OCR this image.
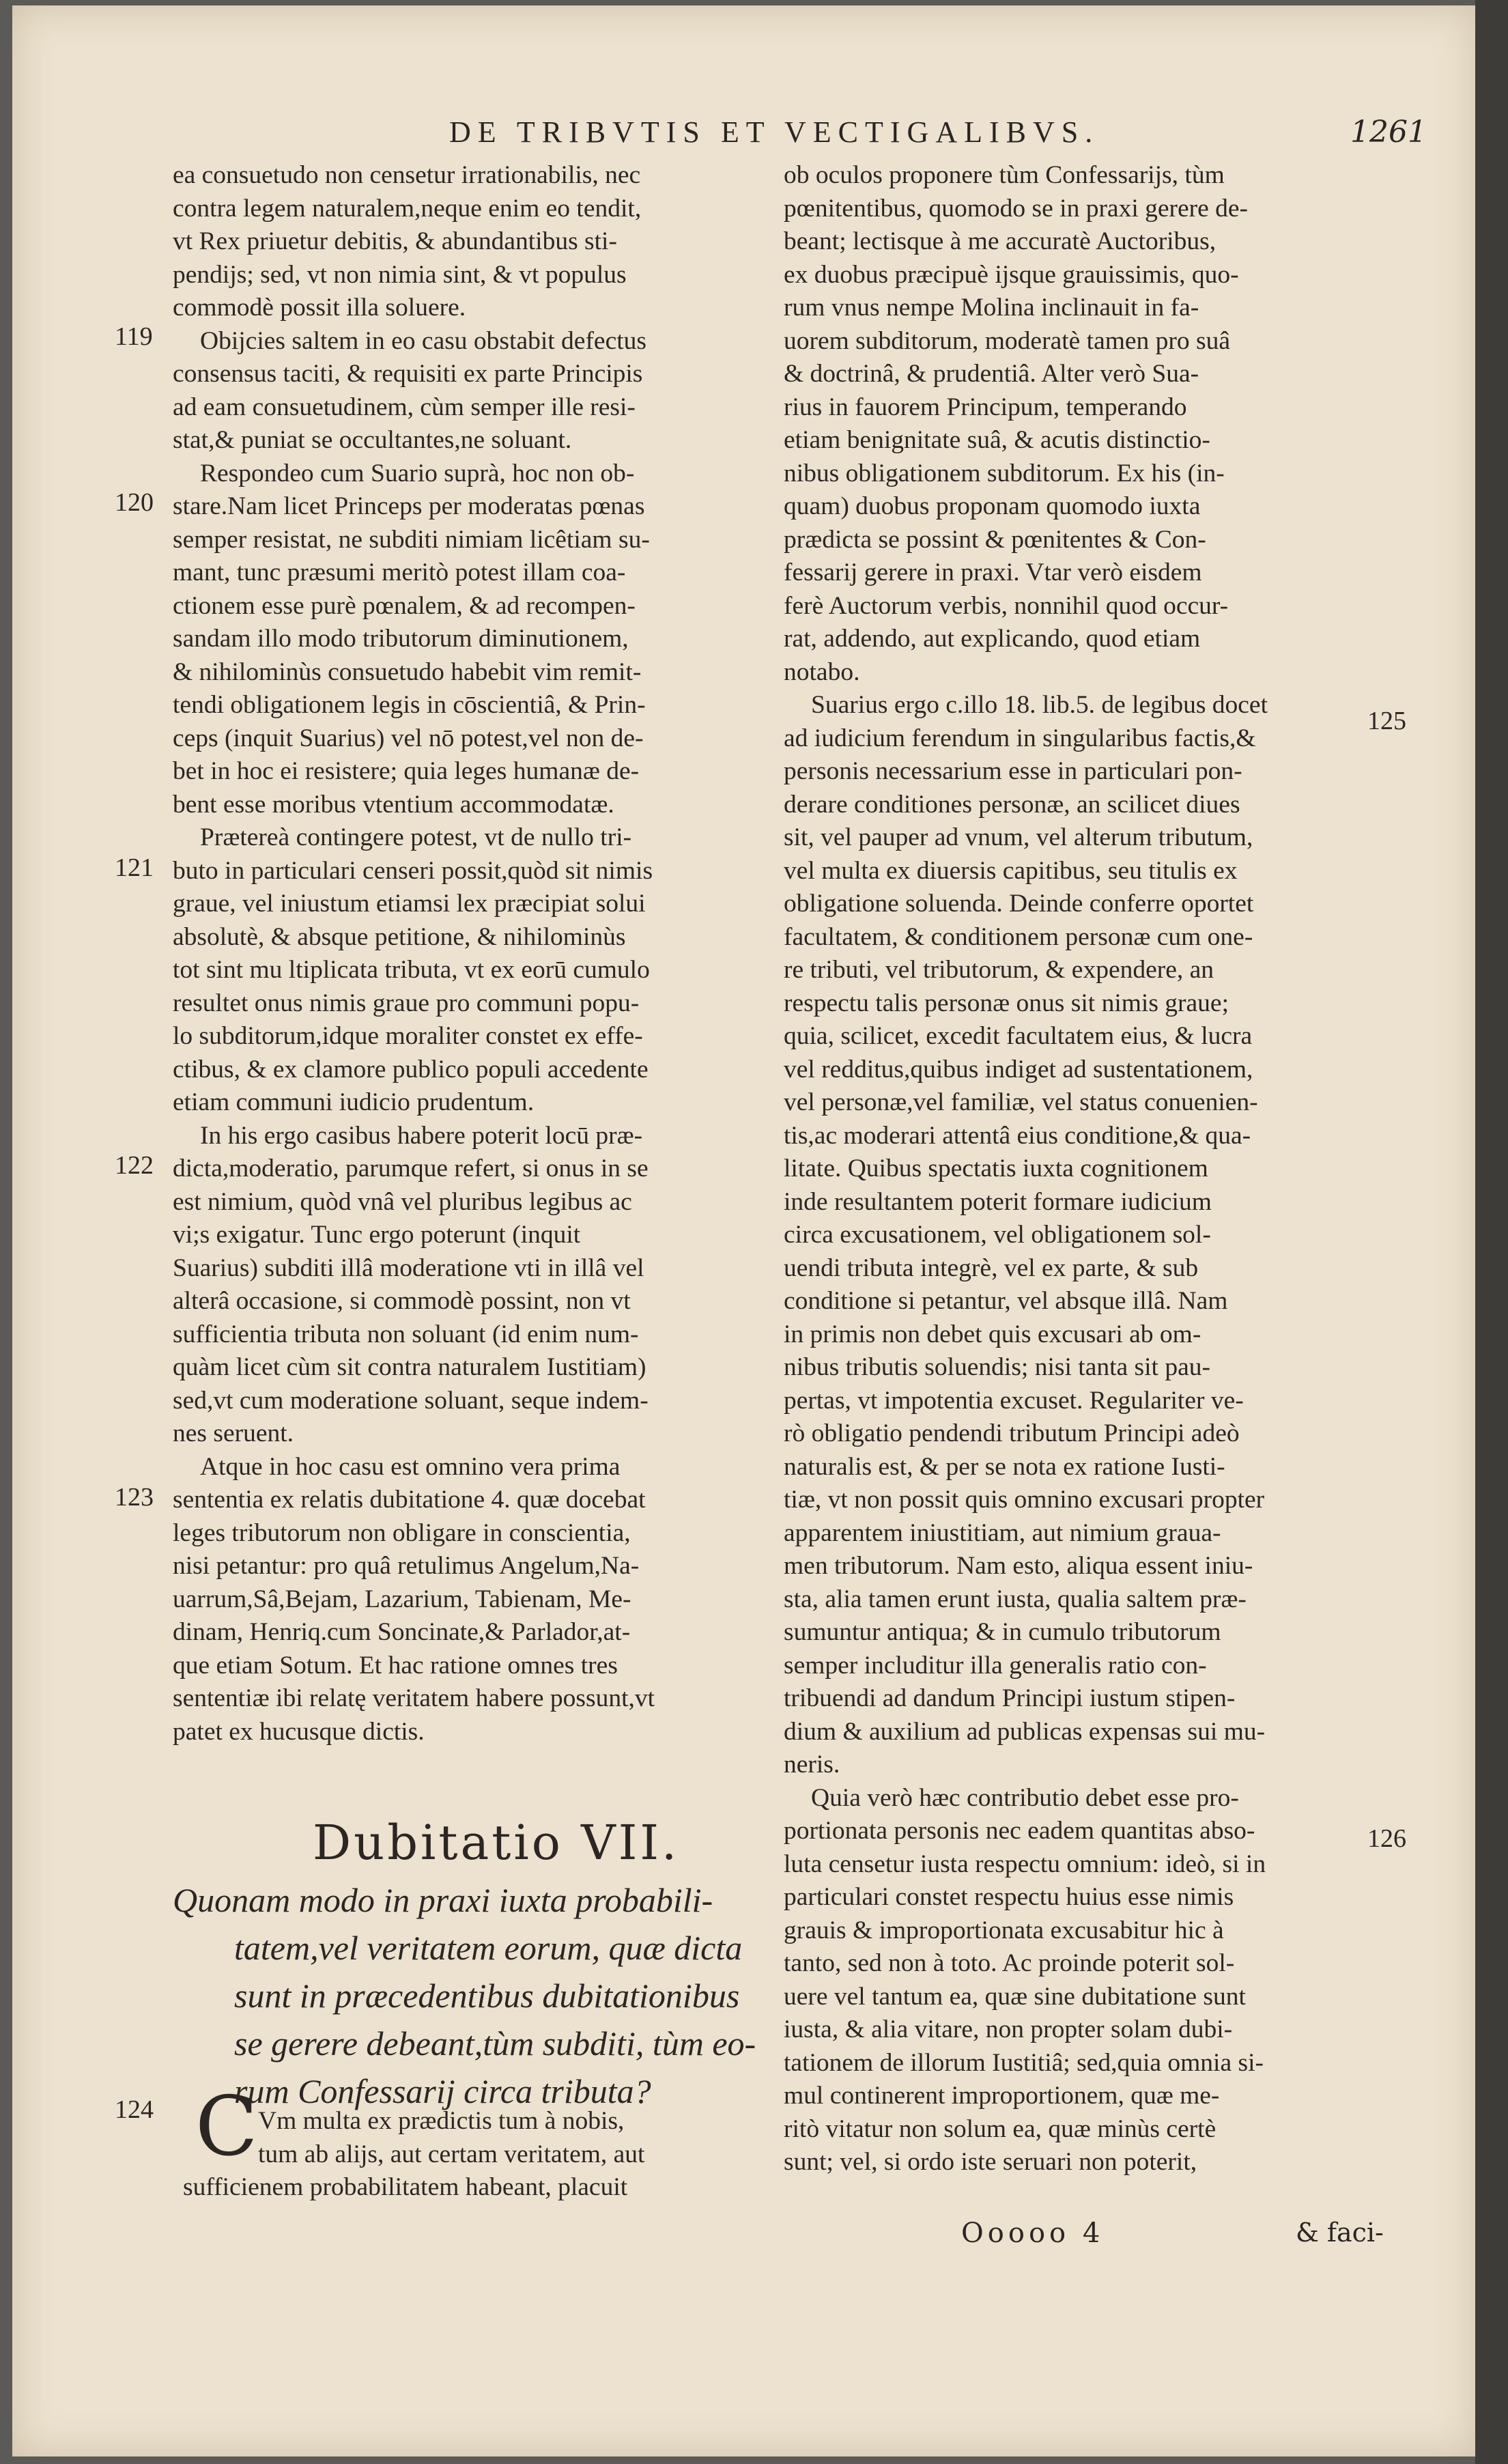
DE TRIBVTIS ET VECTIGALIBVS.	1261

ea consuetudo non censetur irrationabilis, nec

contra legem naturalem,neque enim eo tendit,

vt Rex priuetur debitis, & abundantibus sti-

pendijs; sed, vt non nimia sint, & vt populus

commodè possit illa soluere.

Obijcies saltem in eo casu obstabit defectus

consensus taciti, & requisiti ex parte Principis

ad eam consuetudinem, cùm semper ille resi-

stat,& puniat se occultantes,ne soluant.

Respondeo cum Suario suprà, hoc non ob-

stare.Nam licet Princeps per moderatas pœnas

semper resistat, ne subditi nimiam licêtiam su-

mant, tunc præsumi meritò potest illam coa-

ctionem esse purè pœnalem, & ad recompen-

sandam illo modo tributorum diminutionem,

& nihilominùs consuetudo habebit vim remit-

tendi obligationem legis in cōscientiâ, & Prin-

ceps (inquit Suarius) vel nō potest,vel non de-

bet in hoc ei resistere; quia leges humanæ de-

bent esse moribus vtentium accommodatæ.

Prætereà contingere potest, vt de nullo tri-

buto in particulari censeri possit,quòd sit nimis

graue, vel iniustum etiamsi lex præcipiat solui

absolutè, & absque petitione, & nihilominùs

tot sint mu ltiplicata tributa, vt ex eorū cumulo

resultet onus nimis graue pro communi popu-

lo subditorum,idque moraliter constet ex effe-

ctibus, & ex clamore publico populi accedente

etiam communi iudicio prudentum.

In his ergo casibus habere poterit locū præ-

dicta,moderatio, parumque refert, si onus in se

est nimium, quòd vnâ vel pluribus legibus ac

vi;s exigatur. Tunc ergo poterunt (inquit

Suarius) subditi illâ moderatione vti in illâ vel

alterâ occasione, si commodè possint, non vt

sufficientia tributa non soluant (id enim num-

quàm licet cùm sit contra naturalem Iustitiam)

sed,vt cum moderatione soluant, seque indem-

nes seruent.

Atque in hoc casu est omnino vera prima

sententia ex relatis dubitatione 4. quæ docebat

leges tributorum non obligare in conscientia,

nisi petantur: pro quâ retulimus Angelum,Na-

uarrum,Sâ,Bejam, Lazarium, Tabienam, Me-

dinam, Henriq.cum Soncinate,& Parlador,at-

que etiam Sotum. Et hac ratione omnes tres

sententiæ ibi relatę veritatem habere possunt,vt

patet ex hucusque dictis.

119
120
121
122
123
124
125
126
Dubitatio VII.

Quonam modo in praxi iuxta probabili-

tatem,vel veritatem eorum, quæ dicta

sunt in præcedentibus dubitationibus

se gerere debeant,tùm subditi, tùm eo-

rum Confessarij circa tributa?

C Vm multa ex prædictis tum à nobis,

tum ab alijs, aut certam veritatem, aut

sufficienem probabilitatem habeant, placuit

ob oculos proponere tùm Confessarijs, tùm

pœnitentibus, quomodo se in praxi gerere de-

beant; lectisque à me accuratè Auctoribus,

ex duobus præcipuè ijsque grauissimis, quo-

rum vnus nempe Molina inclinauit in fa-

uorem subditorum, moderatè tamen pro suâ

& doctrinâ, & prudentiâ. Alter verò Sua-

rius in fauorem Principum, temperando

etiam benignitate suâ, & acutis distinctio-

nibus obligationem subditorum. Ex his (in-

quam) duobus proponam quomodo iuxta

prædicta se possint & pœnitentes & Con-

fessarij gerere in praxi. Vtar verò eisdem

ferè Auctorum verbis, nonnihil quod occur-

rat, addendo, aut explicando, quod etiam

notabo.

Suarius ergo c.illo 18. lib.5. de legibus docet

ad iudicium ferendum in singularibus factis,&

personis necessarium esse in particulari pon-

derare conditiones personæ, an scilicet diues

sit, vel pauper ad vnum, vel alterum tributum,

vel multa ex diuersis capitibus, seu titulis ex

obligatione soluenda. Deinde conferre oportet

facultatem, & conditionem personæ cum one-

re tributi, vel tributorum, & expendere, an

respectu talis personæ onus sit nimis graue;

quia, scilicet, excedit facultatem eius, & lucra

vel redditus,quibus indiget ad sustentationem,

vel personæ,vel familiæ, vel status conuenien-

tis,ac moderari attentâ eius conditione,& qua-

litate. Quibus spectatis iuxta cognitionem

inde resultantem poterit formare iudicium

circa excusationem, vel obligationem sol-

uendi tributa integrè, vel ex parte, & sub

conditione si petantur, vel absque illâ. Nam

in primis non debet quis excusari ab om-

nibus tributis soluendis; nisi tanta sit pau-

pertas, vt impotentia excuset. Regulariter ve-

rò obligatio pendendi tributum Principi adeò

naturalis est, & per se nota ex ratione Iusti-

tiæ, vt non possit quis omnino excusari propter

apparentem iniustitiam, aut nimium graua-

men tributorum. Nam esto, aliqua essent iniu-

sta, alia tamen erunt iusta, qualia saltem præ-

sumuntur antiqua; & in cumulo tributorum

semper includitur illa generalis ratio con-

tribuendi ad dandum Principi iustum stipen-

dium & auxilium ad publicas expensas sui mu-

neris.

Quia verò hæc contributio debet esse pro-

portionata personis nec eadem quantitas abso-

luta censetur iusta respectu omnium: ideò, si in

particulari constet respectu huius esse nimis

grauis & improportionata excusabitur hic à

tanto, sed non à toto. Ac proinde poterit sol-

uere vel tantum ea, quæ sine dubitatione sunt

iusta, & alia vitare, non propter solam dubi-

tationem de illorum Iustitiâ; sed,quia omnia si-

mul continerent improportionem, quæ me-

ritò vitatur non solum ea, quæ minùs certè

sunt; vel, si ordo iste seruari non poterit,

Ooooo 4	& faci-
